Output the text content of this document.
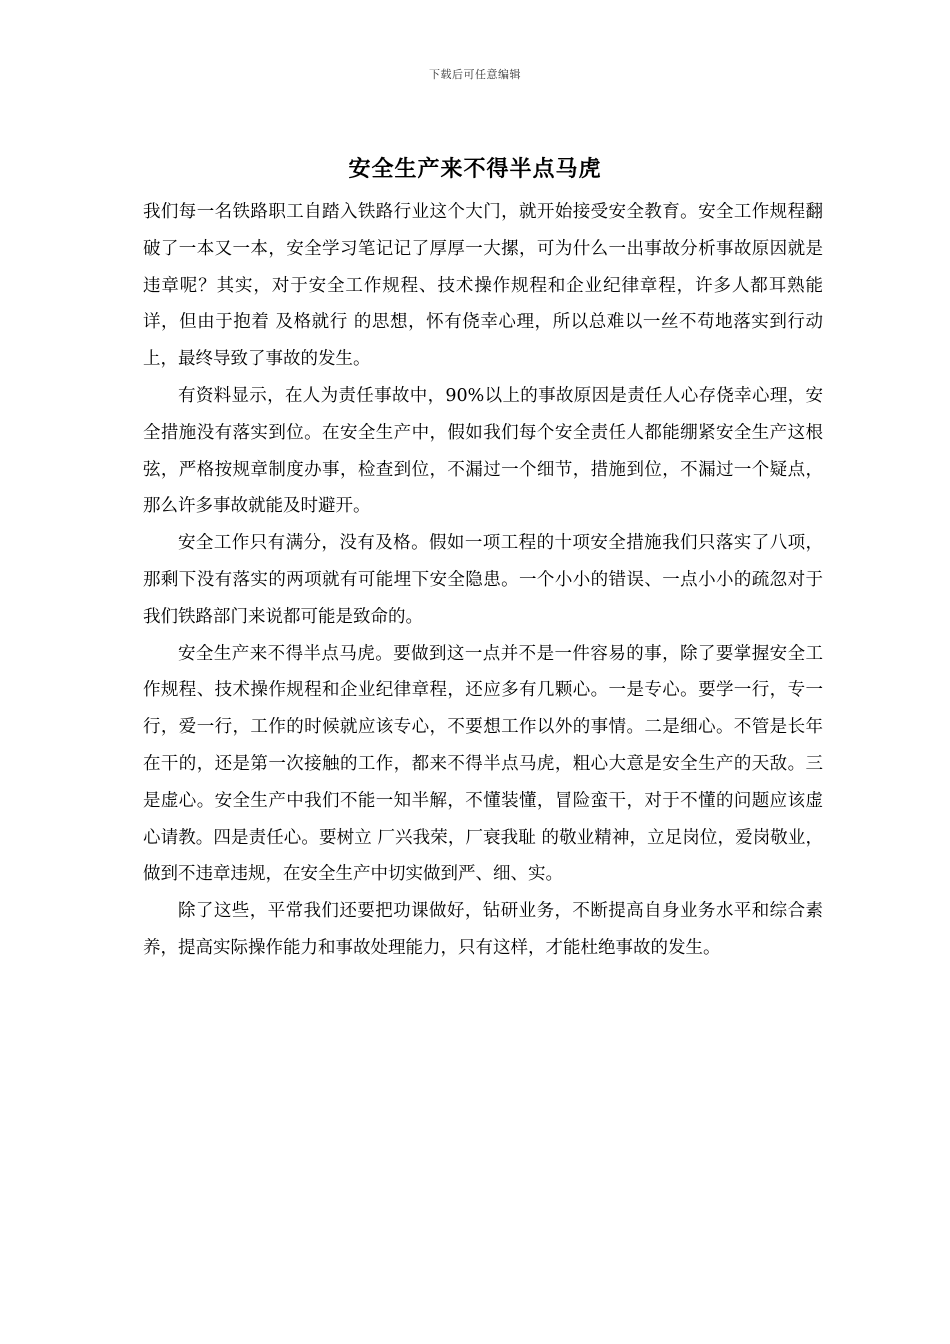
下载后可任意编辑
安全生产来不得半点马虎

我们每一名铁路职工自踏入铁路行业这个大门，就开始接受安全教育。安全工作规程翻破了一本又一本，安全学习笔记记了厚厚一大摞，可为什么一出事故分析事故原因就是违章呢？其实，对于安全工作规程、技术操作规程和企业纪律章程，许多人都耳熟能详，但由于抱着 及格就行 的思想，怀有侥幸心理，所以总难以一丝不苟地落实到行动上，最终导致了事故的发生。

有资料显示，在人为责任事故中，90%以上的事故原因是责任人心存侥幸心理，安全措施没有落实到位。在安全生产中，假如我们每个安全责任人都能绷紧安全生产这根弦，严格按规章制度办事，检查到位，不漏过一个细节，措施到位，不漏过一个疑点，那么许多事故就能及时避开。

安全工作只有满分，没有及格。假如一项工程的十项安全措施我们只落实了八项，那剩下没有落实的两项就有可能埋下安全隐患。一个小小的错误、一点小小的疏忽对于我们铁路部门来说都可能是致命的。

安全生产来不得半点马虎。要做到这一点并不是一件容易的事，除了要掌握安全工作规程、技术操作规程和企业纪律章程，还应多有几颗心。一是专心。要学一行，专一行，爱一行，工作的时候就应该专心，不要想工作以外的事情。二是细心。不管是长年在干的，还是第一次接触的工作，都来不得半点马虎，粗心大意是安全生产的天敌。三是虚心。安全生产中我们不能一知半解，不懂装懂，冒险蛮干，对于不懂的问题应该虚心请教。四是责任心。要树立 厂兴我荣，厂衰我耻 的敬业精神，立足岗位，爱岗敬业，做到不违章违规，在安全生产中切实做到严、细、实。

除了这些，平常我们还要把功课做好，钻研业务，不断提高自身业务水平和综合素养，提高实际操作能力和事故处理能力，只有这样，才能杜绝事故的发生。
